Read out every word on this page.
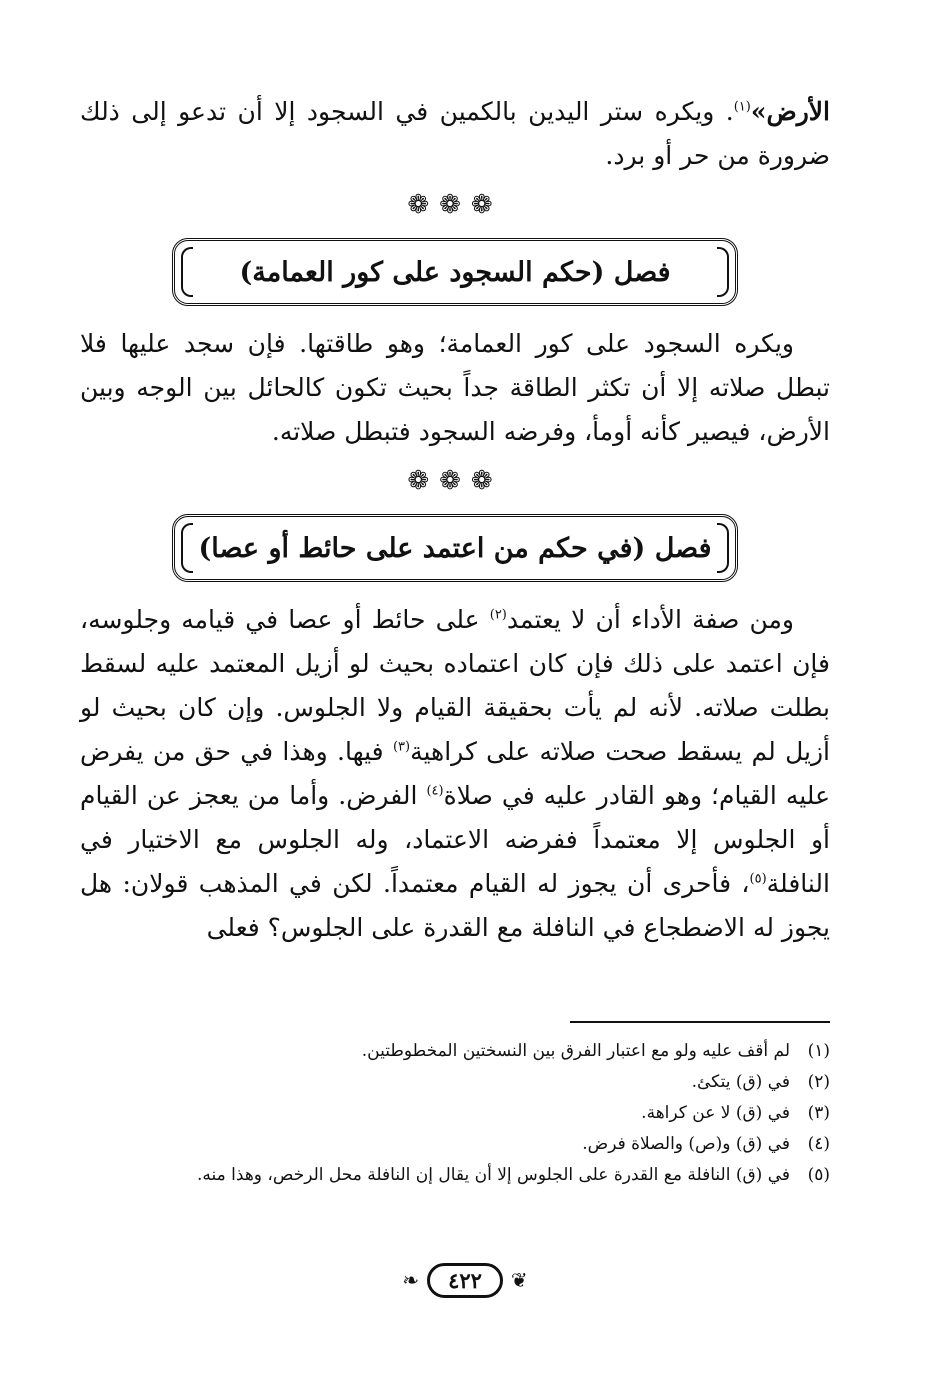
الأرض»$^{(١)}$. ويكره ستر اليدين بالكمين في السجود إلا أن تدعو إلى ذلك ضرورة من حر أو برد.

❁❁❁
فصل (حكم السجود على كور العمامة)

ويكره السجود على كور العمامة؛ وهو طاقتها. فإن سجد عليها فلا تبطل صلاته إلا أن تكثر الطاقة جداً بحيث تكون كالحائل بين الوجه وبين الأرض، فيصير كأنه أومأ، وفرضه السجود فتبطل صلاته.

❁❁❁
فصل (في حكم من اعتمد على حائط أو عصا)

ومن صفة الأداء أن لا يعتمد$^{(٢)}$ على حائط أو عصا في قيامه وجلوسه، فإن اعتمد على ذلك فإن كان اعتماده بحيث لو أزيل المعتمد عليه لسقط بطلت صلاته. لأنه لم يأت بحقيقة القيام ولا الجلوس. وإن كان بحيث لو أزيل لم يسقط صحت صلاته على كراهية$^{(٣)}$ فيها. وهذا في حق من يفرض عليه القيام؛ وهو القادر عليه في صلاة$^{(٤)}$ الفرض. وأما من يعجز عن القيام أو الجلوس إلا معتمداً ففرضه الاعتماد، وله الجلوس مع الاختيار في النافلة$^{(٥)}$، فأحرى أن يجوز له القيام معتمداً. لكن في المذهب قولان: هل يجوز له الاضطجاع في النافلة مع القدرة على الجلوس؟ فعلى

(١)
لم أقف عليه ولو مع اعتبار الفرق بين النسختين المخطوطتين.
(٢)
في (ق) يتكئ.
(٣)
في (ق) لا عن كراهة.
(٤)
في (ق) و(ص) والصلاة فرض.
(٥)
في (ق) النافلة مع القدرة على الجلوس إلا أن يقال إن النافلة محل الرخص، وهذا منه.
❧	٤٢٢	❦
